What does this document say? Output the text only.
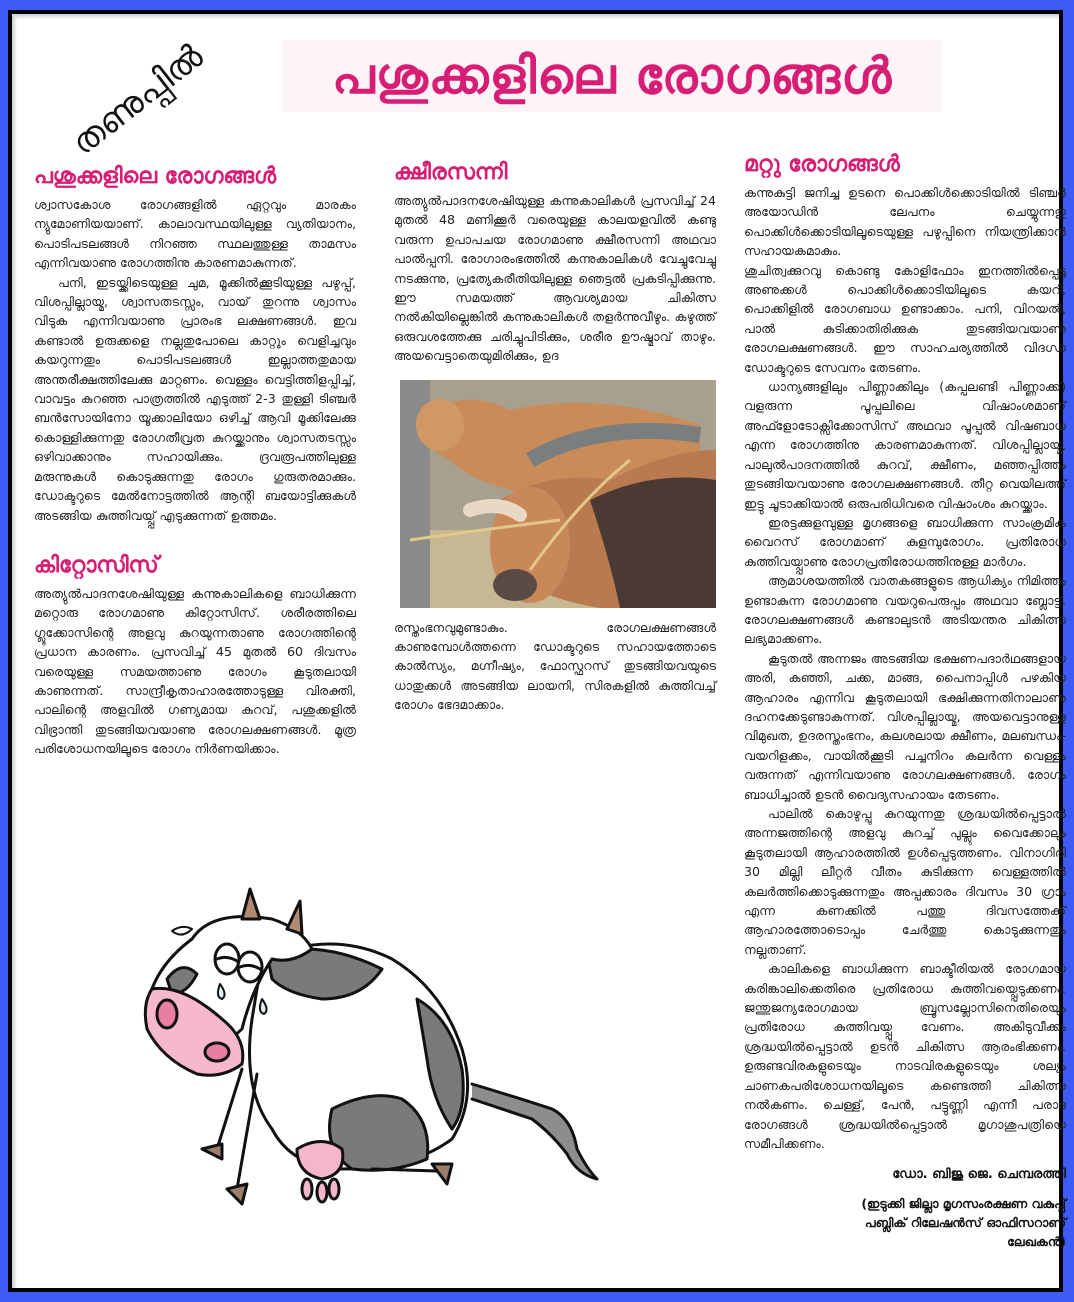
തണുപ്പിൽ പശുക്കളിലെ രോഗങ്ങൾ
പശുക്കളിലെ രോഗങ്ങൾ

ശ്വാസകോശ രോഗങ്ങളിൽ ഏറ്റവും മാരകം ന്യുമോണിയയാണ്. കാലാവസ്ഥയിലുള്ള വ്യതിയാനം, പൊടിപടലങ്ങൾ നിറഞ്ഞ സ്ഥലത്തുള്ള താമസം എന്നിവയാണു രോഗത്തിനു കാരണമാകുന്നത്.

പനി, ഇടയ്ക്കിടെയുള്ള ചുമ, മൂക്കിൽക്കൂടിയുള്ള പഴുപ്പ്, വിശപ്പില്ലായ്മ, ശ്വാസതടസ്സം, വായ് തുറന്നു ശ്വാസം വിടുക എന്നിവയാണു പ്രാരംഭ ലക്ഷണങ്ങൾ. ഇവ കണ്ടാൽ ഉരുക്കളെ നല്ലതുപോലെ കാറ്റും വെളിച്ചവും കയറുന്നതും പൊടിപടലങ്ങൾ ഇല്ലാത്തതുമായ അന്തരീക്ഷത്തിലേക്കു മാറ്റണം. വെള്ളം വെട്ടിത്തിളപ്പിച്ച്, വാവട്ടം കുറഞ്ഞ പാത്രത്തിൽ എടുത്ത് 2-3 തുള്ളി ടിഞ്ചർ ബൻസോയിനോ യൂക്കാലിയോ ഒഴിച്ച് ആവി മൂക്കിലേക്കു കൊള്ളിക്കുന്നതു രോഗതീവ്രത കുറയ്ക്കാനും ശ്വാസതടസ്സം ഒഴിവാക്കാനും സഹായിക്കും. ദ്രവരൂപത്തിലുള്ള മരുന്നുകൾ കൊടുക്കുന്നതു രോഗം ഗുരുതരമാക്കും. ഡോക്ടറുടെ മേൽനോട്ടത്തിൽ ആന്റി ബയോട്ടിക്കുകൾ അടങ്ങിയ കുത്തിവയ്പ്പ് എടുക്കുന്നത് ഉത്തമം.

കിറ്റോസിസ്

അത്യുൽപാദനശേഷിയുള്ള കന്നുകാലികളെ ബാധിക്കുന്ന മറ്റൊരു രോഗമാണു കിറ്റോസിസ്. ശരീരത്തിലെ ഗ്ലൂക്കോസിന്റെ അളവു കുറയുന്നതാണു രോഗത്തിന്റെ പ്രധാന കാരണം. പ്രസവിച്ച് 45 മുതൽ 60 ദിവസം വരെയുള്ള സമയത്താണു രോഗം കൂടുതലായി കാണുന്നത്. സാന്ദ്രീകൃതാഹാരത്തോടുള്ള വിരക്തി, പാലിന്റെ അളവിൽ ഗണ്യമായ കുറവ്, പശുക്കളിൽ വിഭ്രാന്തി തുടങ്ങിയവയാണു രോഗലക്ഷണങ്ങൾ. മൂത്ര പരിശോധനയിലൂടെ രോഗം നിർണയിക്കാം.

ക്ഷീരസന്നി

അത്യുൽപാദനശേഷിയുള്ള കന്നുകാലികൾ പ്രസവിച്ച് 24 മുതൽ 48 മണിക്കൂർ വരെയുള്ള കാലയളവിൽ കണ്ടു വരുന്ന ഉപാപചയ രോഗമാണു ക്ഷീരസന്നി അഥവാ പാൽപ്പനി. രോഗാരംഭത്തിൽ കന്നുകാലികൾ വേച്ചുവേച്ചു നടക്കുന്നു, പ്രത്യേകരീതിയിലുള്ള ഞെട്ടൽ പ്രകടിപ്പിക്കുന്നു. ഈ സമയത്ത് ആവശ്യമായ ചികിത്സ നൽകിയില്ലെങ്കിൽ കന്നുകാലികൾ തളർന്നുവീഴും. കഴുത്ത് ഒരുവശത്തേക്കു ചരിച്ചുപിടിക്കും, ശരീര ഊഷ്മാവ് താഴും. അയവെട്ടാതെയുമിരിക്കും, ഉദ

രസ്തംഭനവുമുണ്ടാകും. രോഗലക്ഷണങ്ങൾ കാണുമ്പോൾത്തന്നെ ഡോക്ടറുടെ സഹായത്തോടെ കാൽസ്യം, മഗ്നീഷ്യം, ഫോസ്ഫറസ് തുടങ്ങിയവയുടെ ധാതുക്കൾ അടങ്ങിയ ലായനി, സിരകളിൽ കുത്തിവച്ച് രോഗം ഭേദമാക്കാം.

മറ്റു രോഗങ്ങൾ

കന്നുകുട്ടി ജനിച്ച ഉടനെ പൊക്കിൾക്കൊടിയിൽ ടിഞ്ചർ അയോഡിൻ ലേപനം ചെയ്യുന്നതു പൊക്കിൾക്കൊടിയിലൂടെയുള്ള പഴുപ്പിനെ നിയന്ത്രിക്കാൻ സഹായകമാകും.

ശുചിത്വക്കുറവു കൊണ്ടു കോളിഫോം ഇനത്തിൽപ്പെട്ട അണുക്കൾ പൊക്കിൾക്കൊടിയിലൂടെ കയറി, പൊക്കിളിൽ രോഗബാധ ഉണ്ടാക്കാം. പനി, വിറയൽ, പാൽ കുടിക്കാതിരിക്കുക തുടങ്ങിയവയാണു രോഗലക്ഷണങ്ങൾ. ഈ സാഹചര്യത്തിൽ വിദഗ്ധ ഡോക്ടറുടെ സേവനം തേടണം.

ധാന്യങ്ങളിലും പിണ്ണാക്കിലും (കപ്പലണ്ടി പിണ്ണാക്ക്) വളരുന്ന പൂപ്പലിലെ വിഷാംശമാണ് അഫ്ളോടോക്സിക്കോസിസ് അഥവാ പൂപ്പൽ വിഷബാധ എന്ന രോഗത്തിനു കാരണമാകുന്നത്. വിശപ്പില്ലായ്മ, പാലുൽപാദനത്തിൽ കുറവ്, ക്ഷീണം, മഞ്ഞപ്പിത്തം തുടങ്ങിയവയാണു രോഗലക്ഷണങ്ങൾ. തീറ്റ വെയിലത്ത് ഇട്ടു ചൂടാക്കിയാൽ ഒരുപരിധിവരെ വിഷാംശം കുറയ്ക്കാം.

ഇരട്ടക്കുളമ്പുള്ള മൃഗങ്ങളെ ബാധിക്കുന്ന സാംക്രമിക വൈറസ് രോഗമാണ് കുളമ്പുരോഗം. പ്രതിരോധ കുത്തിവയ്പ്പാണു രോഗപ്രതിരോധത്തിനുള്ള മാർഗം.

ആമാശയത്തിൽ വാതകങ്ങളുടെ ആധിക്യം നിമിത്തം ഉണ്ടാകുന്ന രോഗമാണു വയറുപെരുപ്പം അഥവാ ബ്ലോട്ട്. രോഗലക്ഷണങ്ങൾ കണ്ടാലുടൻ അടിയന്തര ചികിത്സ ലഭ്യമാക്കണം.

കൂടുതൽ അന്നജം അടങ്ങിയ ഭക്ഷണപദാർഥങ്ങളായ അരി, കഞ്ഞി, ചക്ക, മാങ്ങ, പൈനാപ്പിൾ പഴകിയ ആഹാരം എന്നിവ കൂടുതലായി ഭക്ഷിക്കുന്നതിനാലാണു ദഹനക്കേടുണ്ടാകുന്നത്. വിശപ്പില്ലായ്മ, അയവെട്ടാനുള്ള വിമുഖത, ഉദരസ്തംഭനം, കലശലായ ക്ഷീണം, മലബന്ധം-വയറിളക്കം, വായിൽക്കൂടി പച്ചനിറം കലർന്ന വെള്ളം വരുന്നത് എന്നിവയാണു രോഗലക്ഷണങ്ങൾ. രോഗം ബാധിച്ചാൽ ഉടൻ വൈദ്യസഹായം തേടണം.

പാലിൽ കൊഴുപ്പു കുറയുന്നതു ശ്രദ്ധയിൽപ്പെട്ടാൽ അന്നജത്തിന്റെ അളവു കുറച്ച് പുല്ലും വൈക്കോലും കൂടുതലായി ആഹാരത്തിൽ ഉൾപ്പെടുത്തണം. വിനാഗിരി 30 മില്ലി ലീറ്റർ വീതം കുടിക്കുന്ന വെള്ളത്തിൽ കലർത്തിക്കൊടുക്കുന്നതും അപ്പക്കാരം ദിവസം 30 ഗ്രാം എന്ന കണക്കിൽ പത്തു ദിവസത്തേക്ക് ആഹാരത്തോടൊപ്പം ചേർത്തു കൊടുക്കുന്നതും നല്ലതാണ്.

കാലികളെ ബാധിക്കുന്ന ബാക്ടീരിയൽ രോഗമായ കരിങ്കാലിക്കെതിരെ പ്രതിരോധ കുത്തിവയ്പ്പെടുക്കണം. ജന്തുജന്യരോഗമായ ബ്രൂസല്ലോസിനെതിരെയും പ്രതിരോധ കുത്തിവയ്പ്പു വേണം. അകിടുവീക്കം ശ്രദ്ധയിൽപ്പെട്ടാൽ ഉടൻ ചികിത്സ ആരംഭിക്കണം. ഉരുണ്ടവിരകളുടെയും നാടവിരകളുടെയും ശല്യം ചാണകപരിശോധനയിലൂടെ കണ്ടെത്തി ചികിത്സ നൽകണം. ചെള്ള്, പേൻ, പട്ടുണ്ണി എന്നീ പരാദ രോഗങ്ങൾ ശ്രദ്ധയിൽപ്പെട്ടാൽ മൃഗാശുപത്രിയെ സമീപിക്കണം.

ഡോ. ബിജു ജെ. ചെമ്പരത്തി
(ഇടുക്കി ജില്ലാ മൃഗസംരക്ഷണ വകുപ്പ്
പബ്ലിക് റിലേഷൻസ് ഓഫിസറാണ്
ലേഖകൻ)
